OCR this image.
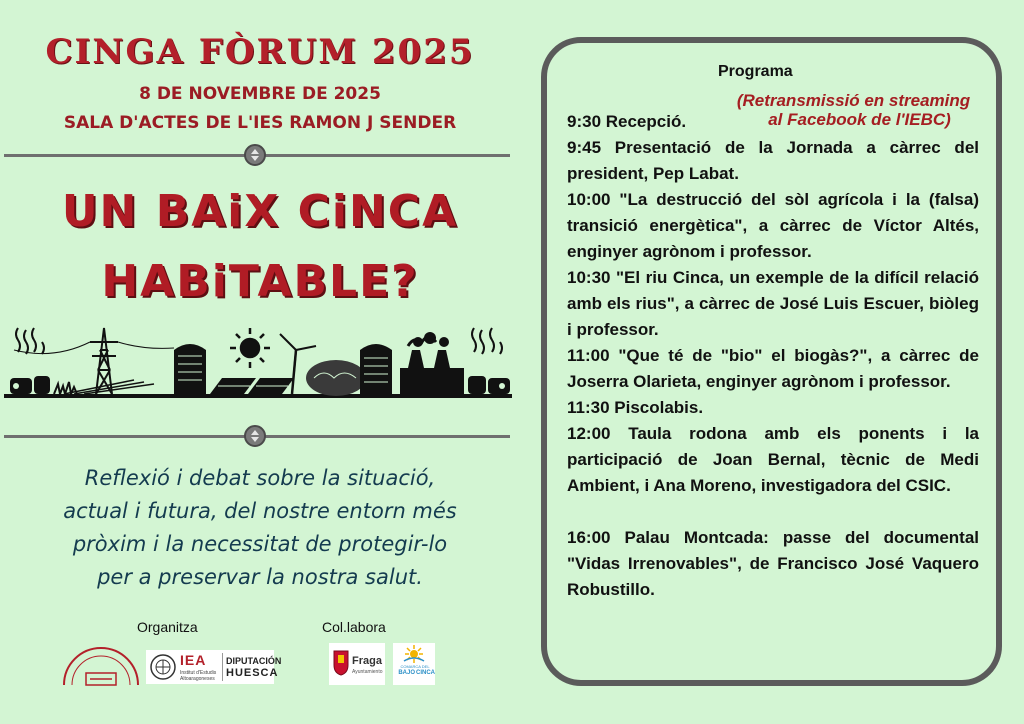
CINGA FÒRUM 2025
8 DE NOVEMBRE DE 2025
SALA D'ACTES DE L'IES RAMON J SENDER
UN BAiX CiNCA
HABiTABLE?
Reflexió i debat sobre la situació,
actual i futura, del nostre entorn més
pròxim i la necessitat de protegir-lo
per a preservar la nostra salut.
Organitza	Col.labora
IEA
Institut d'Estudis Altoaragoneses
DIPUTACIÓN
HUESCA
Fraga
Ayuntamiento
COMARCA DEL
BAJO CINCA
Programa
(Retransmissió en streaming
al Facebook de l'IEBC)

9:30 Recepció.

9:45 Presentació de la Jornada a càrrec del president, Pep Labat.

10:00 "La destrucció del sòl agrícola i la (falsa) transició energètica", a càrrec de Víctor Altés, enginyer agrònom i professor.

10:30 "El riu Cinca, un exemple de la difícil relació amb els rius", a càrrec de José Luis Escuer, biòleg i professor.

11:00 "Que té de "bio" el biogàs?", a càrrec de Joserra Olarieta, enginyer agrònom i professor.

11:30 Piscolabis.

12:00 Taula rodona amb els ponents i la participació de Joan Bernal, tècnic de Medi Ambient, i Ana Moreno, investigadora del CSIC.

16:00 Palau Montcada: passe del documental "Vidas Irrenovables", de Francisco José Vaquero Robustillo.
